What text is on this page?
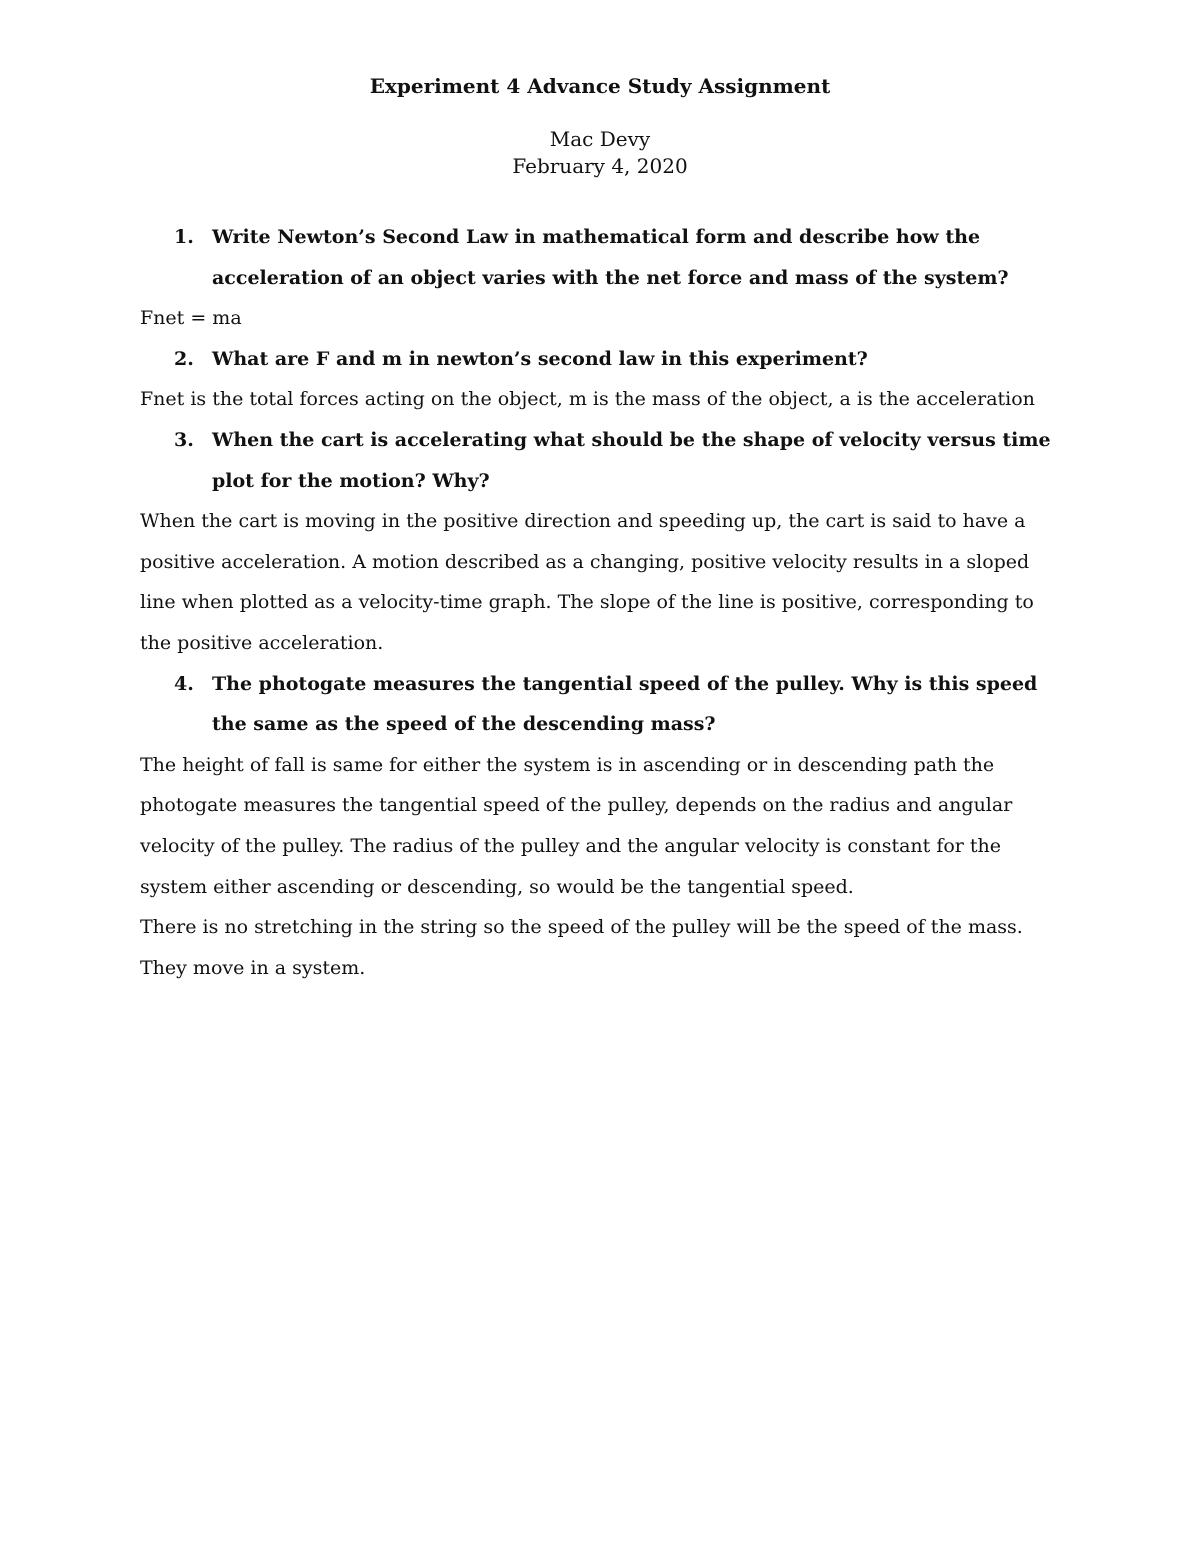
Experiment 4 Advance Study Assignment
Mac Devy
February 4, 2020
1. Write Newton’s Second Law in mathematical form and describe how the acceleration of an object varies with the net force and mass of the system?
Fnet = ma
2. What are F and m in newton’s second law in this experiment?
Fnet is the total forces acting on the object, m is the mass of the object, a is the acceleration
3. When the cart is accelerating what should be the shape of velocity versus time plot for the motion? Why?
When the cart is moving in the positive direction and speeding up, the cart is said to have a positive acceleration. A motion described as a changing, positive velocity results in a sloped line when plotted as a velocity-time graph. The slope of the line is positive, corresponding to the positive acceleration.
4. The photogate measures the tangential speed of the pulley. Why is this speed the same as the speed of the descending mass?
The height of fall is same for either the system is in ascending or in descending path the photogate measures the tangential speed of the pulley, depends on the radius and angular velocity of the pulley. The radius of the pulley and the angular velocity is constant for the system either ascending or descending, so would be the tangential speed.
There is no stretching in the string so the speed of the pulley will be the speed of the mass. They move in a system.
